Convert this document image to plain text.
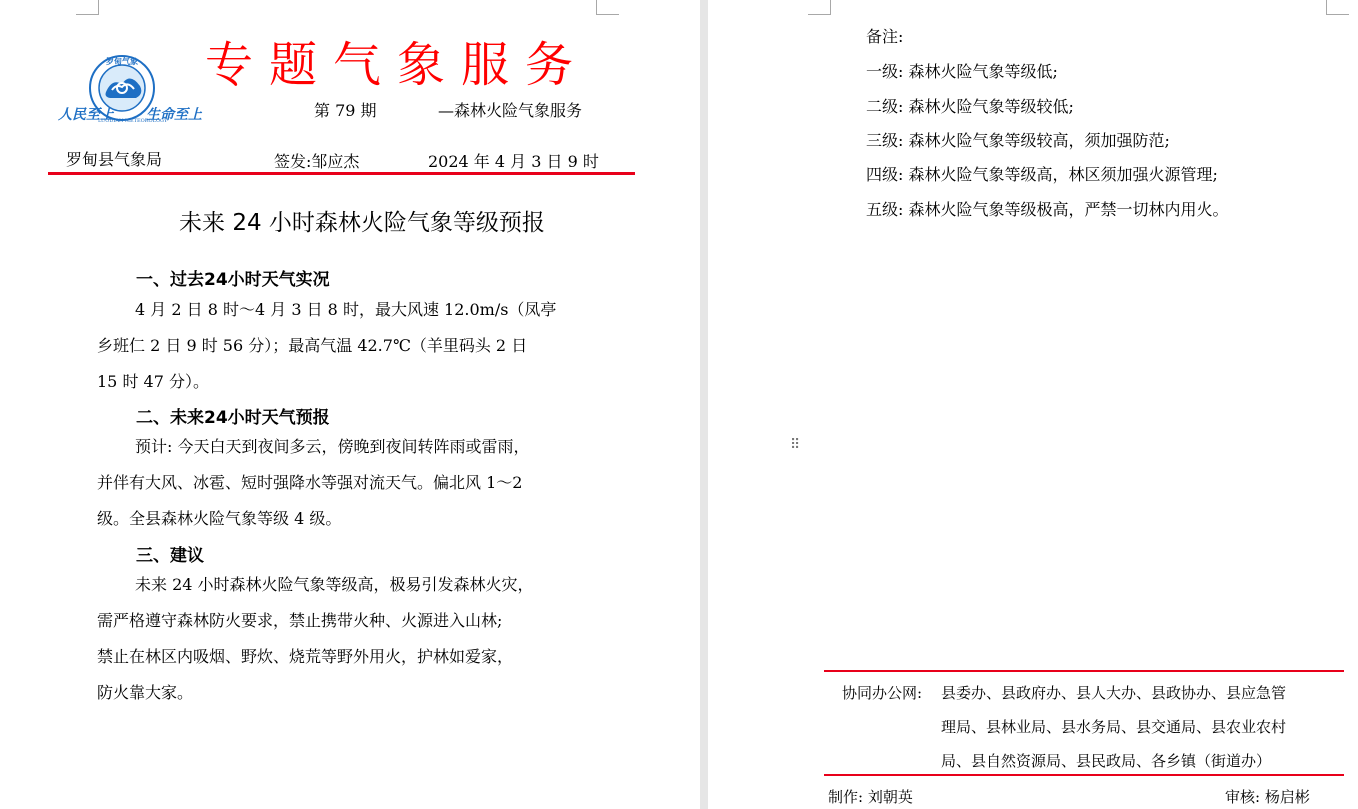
专题气象服务
罗甸气象
LUODIAN METEOROLOGY
人民至上 生命至上	第 79 期	—森林火险气象服务
罗甸县气象局	签发:邹应杰	2024 年 4 月 3 日 9 时
未来 24 小时森林火险气象等级预报
一、过去24小时天气实况
4 月 2 日 8 时～4 月 3 日 8 时，最大风速 12.0m/s（凤亭
乡班仁 2 日 9 时 56 分）；最高气温 42.7℃（羊里码头 2 日
15 时 47 分）。
二、未来24小时天气预报
预计: 今天白天到夜间多云，傍晚到夜间转阵雨或雷雨，
并伴有大风、冰雹、短时强降水等强对流天气。偏北风 1～2
级。全县森林火险气象等级 4 级。
三、建议
未来 24 小时森林火险气象等级高，极易引发森林火灾，
需严格遵守森林防火要求，禁止携带火种、火源进入山林;
禁止在林区内吸烟、野炊、烧荒等野外用火，护林如爱家，
防火靠大家。
备注:
一级: 森林火险气象等级低;
二级: 森林火险气象等级较低;
三级: 森林火险气象等级较高，须加强防范;
四级: 森林火险气象等级高，林区须加强火源管理;
五级: 森林火险气象等级极高，严禁一切林内用火。
协同办公网: 县委办、县政府办、县人大办、县政协办、县应急管
理局、县林业局、县水务局、县交通局、县农业农村
局、县自然资源局、县民政局、各乡镇（街道办）
制作: 刘朝英	审核: 杨启彬
⠿
